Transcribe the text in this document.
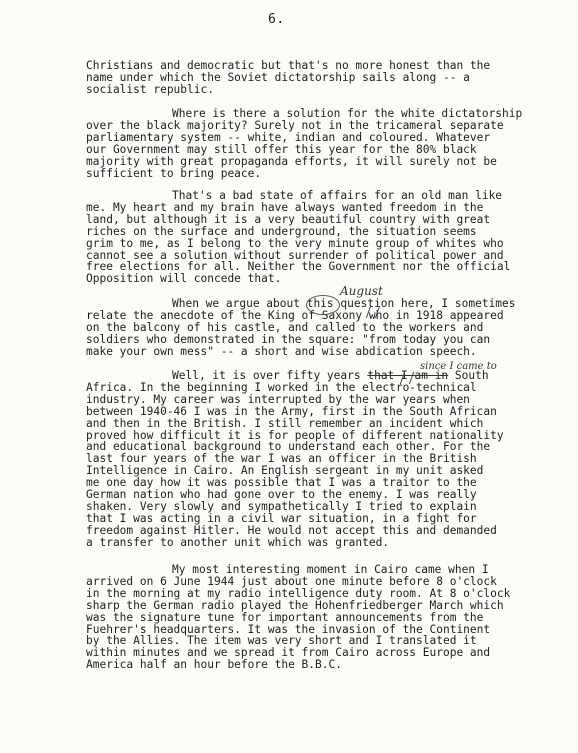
6.
Christians and democratic but that's no more honest than the
name under which the Soviet dictatorship sails along -- a
socialist republic.
Where is there a solution for the white dictatorship
over the black majority? Surely not in the tricameral separate
parliamentary system -- white, indian and coloured. Whatever
our Government may still offer this year for the 80% black
majority with great propaganda efforts, it will surely not be
sufficient to bring peace.
That's a bad state of affairs for an old man like
me. My heart and my brain have always wanted freedom in the
land, but although it is a very beautiful country with great
riches on the surface and underground, the situation seems
grim to me, as I belong to the very minute group of whites who
cannot see a solution without surrender of political power and
free elections for all. Neither the Government nor the official
Opposition will concede that.
When we argue about this question here, I sometimes
relate the anecdote of the King of Saxony who in 1918 appeared
on the balcony of his castle, and called to the workers and
soldiers who demonstrated in the square: "from today you can
make your own mess" -- a short and wise abdication speech.
August
Well, it is over fifty years that I am in South
Africa. In the beginning I worked in the electro-technical
industry. My career was interrupted by the war years when
between 1940-46 I was in the Army, first in the South African
and then in the British. I still remember an incident which
proved how difficult it is for people of different nationality
and educational background to understand each other. For the
last four years of the war I was an officer in the British
Intelligence in Cairo. An English sergeant in my unit asked
me one day how it was possible that I was a traitor to the
German nation who had gone over to the enemy. I was really
shaken. Very slowly and sympathetically I tried to explain
that I was acting in a civil war situation, in a fight for
freedom against Hitler. He would not accept this and demanded
a transfer to another unit which was granted.
since I came to
My most interesting moment in Cairo came when I
arrived on 6 June 1944 just about one minute before 8 o'clock
in the morning at my radio intelligence duty room. At 8 o'clock
sharp the German radio played the Hohenfriedberger March which
was the signature tune for important announcements from the
Fuehrer's headquarters. It was the invasion of the Continent
by the Allies. The item was very short and I translated it
within minutes and we spread it from Cairo across Europe and
America half an hour before the B.B.C.
